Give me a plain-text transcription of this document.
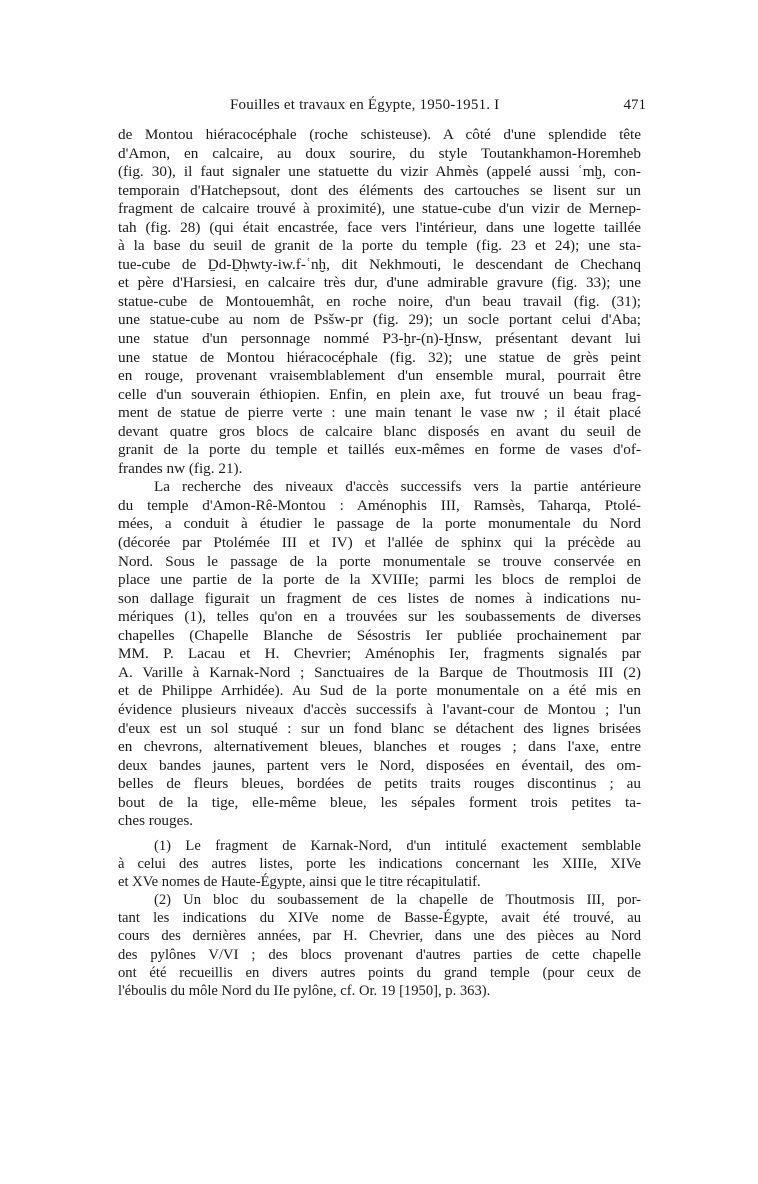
Fouilles et travaux en Égypte, 1950-1951. I	471

de Montou hiéracocéphale (roche schisteuse). A côté d'une splendide tête
d'Amon, en calcaire, au doux sourire, du style Toutankhamon-Horemheb
(fig. 30), il faut signaler une statuette du vizir Ahmès (appelé aussi ʿmḫ, con-
temporain d'Hatchepsout, dont des éléments des cartouches se lisent sur un
fragment de calcaire trouvé à proximité), une statue-cube d'un vizir de Mernep-
tah (fig. 28) (qui était encastrée, face vers l'intérieur, dans une logette taillée
à la base du seuil de granit de la porte du temple (fig. 23 et 24); une sta-
tue-cube de Ḏd-Ḏḥwty-iw.f-ʿnḫ, dit Nekhmouti, le descendant de Chechanq
et père d'Harsiesi, en calcaire très dur, d'une admirable gravure (fig. 33); une
statue-cube de Montouemhât, en roche noire, d'un beau travail (fig. (31);
une statue-cube au nom de Psšw-pr (fig. 29); un socle portant celui d'Aba;
une statue d'un personnage nommé P3-ḫr-(n)-Ḫnsw, présentant devant lui
une statue de Montou hiéracocéphale (fig. 32); une statue de grès peint
en rouge, provenant vraisemblablement d'un ensemble mural, pourrait être
celle d'un souverain éthiopien. Enfin, en plein axe, fut trouvé un beau frag-
ment de statue de pierre verte : une main tenant le vase nw ; il était placé
devant quatre gros blocs de calcaire blanc disposés en avant du seuil de
granit de la porte du temple et taillés eux-mêmes en forme de vases d'of-
frandes nw (fig. 21).

La recherche des niveaux d'accès successifs vers la partie antérieure
du temple d'Amon-Rê-Montou : Aménophis III, Ramsès, Taharqa, Ptolé-
mées, a conduit à étudier le passage de la porte monumentale du Nord
(décorée par Ptolémée III et IV) et l'allée de sphinx qui la précède au
Nord. Sous le passage de la porte monumentale se trouve conservée en
place une partie de la porte de la XVIIIe; parmi les blocs de remploi de
son dallage figurait un fragment de ces listes de nomes à indications nu-
mériques (1), telles qu'on en a trouvées sur les soubassements de diverses
chapelles (Chapelle Blanche de Sésostris Ier publiée prochainement par
MM. P. Lacau et H. Chevrier; Aménophis Ier, fragments signalés par
A. Varille à Karnak-Nord ; Sanctuaires de la Barque de Thoutmosis III (2)
et de Philippe Arrhidée). Au Sud de la porte monumentale on a été mis en
évidence plusieurs niveaux d'accès successifs à l'avant-cour de Montou ; l'un
d'eux est un sol stuqué : sur un fond blanc se détachent des lignes brisées
en chevrons, alternativement bleues, blanches et rouges ; dans l'axe, entre
deux bandes jaunes, partent vers le Nord, disposées en éventail, des om-
belles de fleurs bleues, bordées de petits traits rouges discontinus ; au
bout de la tige, elle-même bleue, les sépales forment trois petites ta-
ches rouges.

(1) Le fragment de Karnak-Nord, d'un intitulé exactement semblable
à celui des autres listes, porte les indications concernant les XIIIe, XIVe
et XVe nomes de Haute-Égypte, ainsi que le titre récapitulatif.
(2) Un bloc du soubassement de la chapelle de Thoutmosis III, por-
tant les indications du XIVe nome de Basse-Égypte, avait été trouvé, au
cours des dernières années, par H. Chevrier, dans une des pièces au Nord
des pylônes V/VI ; des blocs provenant d'autres parties de cette chapelle
ont été recueillis en divers autres points du grand temple (pour ceux de
l'éboulis du môle Nord du IIe pylône, cf. Or. 19 [1950], p. 363).
